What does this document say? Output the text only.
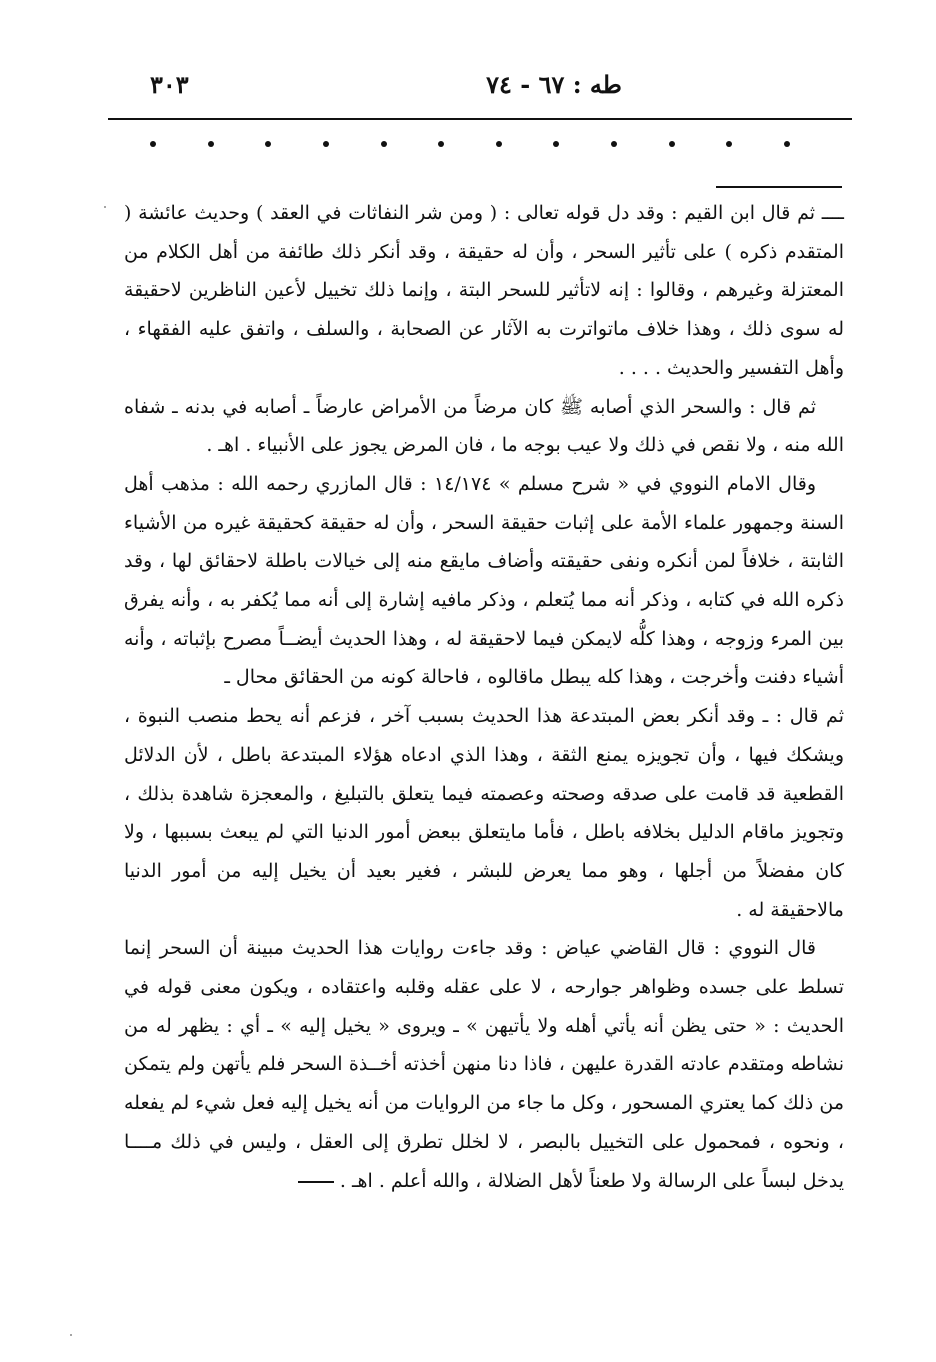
٣٠٣	طه : ٦٧ - ٧٤

ــــ ثم قال ابن القيم : وقد دل قوله تعالى : ( ومن شر النفاثات في العقد ) وحديث عائشة ( المتقدم ذكره ) على تأثير السحر ، وأن له حقيقة ، وقد أنكر ذلك طائفة من أهل الكلام من المعتزلة وغيرهم ، وقالوا : إنه لاتأثير للسحر البتة ، وإنما ذلك تخييل لأعين الناظرين لاحقيقة له سوى ذلك ، وهذا خلاف ماتواترت به الآثار عن الصحابة ، والسلف ، واتفق عليه الفقهاء ، وأهل التفسير والحديث . . . .

ثم قال : والسحر الذي أصابه ﷺ كان مرضاً من الأمراض عارضاً ـ أصابه في بدنه ـ شفاه الله منه ، ولا نقص في ذلك ولا عيب بوجه ما ، فان المرض يجوز على الأنبياء . اهـ .

وقال الامام النووي في « شرح مسلم » ١٤/١٧٤ : قال المازري رحمه الله : مذهب أهل السنة وجمهور علماء الأمة على إثبات حقيقة السحر ، وأن له حقيقة كحقيقة غيره من الأشياء الثابتة ، خلافاً لمن أنكره ونفى حقيقته وأضاف مايقع منه إلى خيالات باطلة لاحقائق لها ، وقد ذكره الله في كتابه ، وذكر أنه مما يُتعلم ، وذكر مافيه إشارة إلى أنه مما يُكفر به ، وأنه يفرق بين المرء وزوجه ، وهذا كلُّه لايمكن فيما لاحقيقة له ، وهذا الحديث أيضــاً مصرح بإثباته ، وأنه أشياء دفنت وأخرجت ، وهذا كله يبطل ماقالوه ، فاحالة كونه من الحقائق محال ـ

ثم قال : ـ وقد أنكر بعض المبتدعة هذا الحديث بسبب آخر ، فزعم أنه يحط منصب النبوة ، ويشكك فيها ، وأن تجويزه يمنع الثقة ، وهذا الذي ادعاه هؤلاء المبتدعة باطل ، لأن الدلائل القطعية قد قامت على صدقه وصحته وعصمته فيما يتعلق بالتبليغ ، والمعجزة شاهدة بذلك ، وتجويز ماقام الدليل بخلافه باطل ، فأما مايتعلق ببعض أمور الدنيا التي لم يبعث بسببها ، ولا كان مفضلاً من أجلها ، وهو مما يعرض للبشر ، فغير بعيد أن يخيل إليه من أمور الدنيا مالاحقيقة له .

قال النووي : قال القاضي عياض : وقد جاءت روايات هذا الحديث مبينة أن السحر إنما تسلط على جسده وظواهر جوارحه ، لا على عقله وقلبه واعتقاده ، ويكون معنى قوله في الحديث : « حتى يظن أنه يأتي أهله ولا يأتيهن » ـ ويروى « يخيل إليه » ـ أي : يظهر له من نشاطه ومتقدم عادته القدرة عليهن ، فاذا دنا منهن أخذته أخــذة السحر فلم يأتهن ولم يتمكن من ذلك كما يعتري المسحور ، وكل ما جاء من الروايات من أنه يخيل إليه فعل شيء لم يفعله ، ونحوه ، فمحمول على التخييل بالبصر ، لا لخلل تطرق إلى العقل ، وليس في ذلك مــــا يدخل لبساً على الرسالة ولا طعناً لأهل الضلالة ، والله أعلم . اهـ .
